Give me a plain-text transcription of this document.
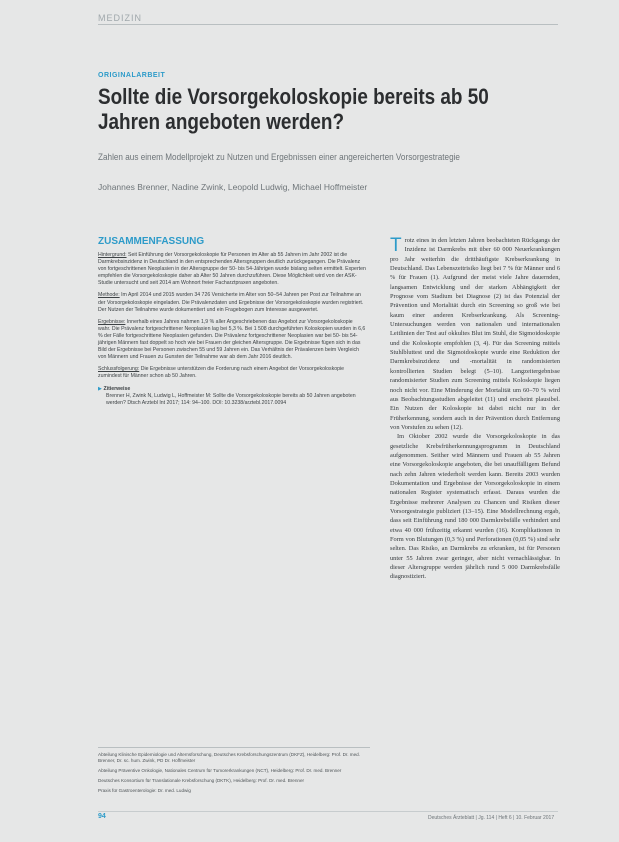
MEDIZIN
ORIGINALARBEIT
Sollte die Vorsorgekoloskopie bereits ab 50 Jahren angeboten werden?
Zahlen aus einem Modellprojekt zu Nutzen und Ergebnissen einer angereicherten Vorsorgestrategie
Johannes Brenner, Nadine Zwink, Leopold Ludwig, Michael Hoffmeister
ZUSAMMENFASSUNG

Hintergrund: Seit Einführung der Vorsorgekoloskopie für Personen im Alter ab 55 Jahren im Jahr 2002 ist die Darmkrebsinzidenz in Deutschland in den entsprechenden Altersgruppen deutlich zurückgegangen. Die Prävalenz von fortgeschrittenen Neoplasien in der Altersgruppe der 50- bis 54-Jährigen wurde bislang selten ermittelt. Experten empfehlen die Vorsorgekoloskopie daher ab Alter 50 Jahren durchzuführen. Diese Möglichkeit wird von der ASK-Studie untersucht und seit 2014 am Wohnort freier Facharztpraxen angeboten.

Methode: Im April 2014 und 2015 wurden 34 726 Versicherte im Alter von 50–54 Jahren per Post zur Teilnahme an der Vorsorgekoloskopie eingeladen. Die Prävalenzdaten und Ergebnisse der Vorsorgekoloskopie wurden registriert. Der Nutzen der Teilnahme wurde dokumentiert und ein Fragebogen zum Interesse ausgewertet.

Ergebnisse: Innerhalb eines Jahres nahmen 1,9 % aller Angeschriebenen das Angebot zur Vorsorgekoloskopie wahr. Die Prävalenz fortgeschrittener Neoplasien lag bei 5,3 %. Bei 1 508 durchgeführten Koloskopien wurden in 6,6 % der Fälle fortgeschrittene Neoplasien gefunden. Die Prävalenz fortgeschrittener Neoplasien war bei 50- bis 54-jährigen Männern fast doppelt so hoch wie bei Frauen der gleichen Altersgruppe. Die Ergebnisse fügen sich in das Bild der Ergebnisse bei Personen zwischen 55 und 59 Jahren ein. Das Verhältnis der Prävalenzen beim Vergleich von Männern und Frauen zu Gunsten der Teilnahme war ab dem Jahr 2016 deutlich.

Schlussfolgerung: Die Ergebnisse unterstützen die Forderung nach einem Angebot der Vorsorgekoloskopie zumindest für Männer schon ab 50 Jahren.

▶ Zitierweise
Brenner H, Zwink N, Ludwig L, Hoffmeister M: Sollte die Vorsorgekoloskopie bereits ab 50 Jahren angeboten werden? Dtsch Arztebl Int 2017; 114: 94–100. DOI: 10.3238/arztebl.2017.0094

Abteilung Klinische Epidemiologie und Alternsforschung, Deutsches Krebsforschungszentrum (DKFZ), Heidelberg: Prof. Dr. med. Brenner, Dr. sc. hum. Zwink, PD Dr. Hoffmeister

Abteilung Präventive Onkologie, Nationales Centrum für Tumorerkrankungen (NCT), Heidelberg: Prof. Dr. med. Brenner

Deutsches Konsortium für Translationale Krebsforschung (DKTK), Heidelberg: Prof. Dr. med. Brenner

Praxis für Gastroenterologie: Dr. med. Ludwig

Trotz eines in den letzten Jahren beobachteten Rückgangs der Inzidenz ist Darmkrebs mit über 60 000 Neuerkrankungen pro Jahr weiterhin die dritthäufigste Krebserkrankung in Deutschland. Das Lebenszeitrisiko liegt bei 7 % für Männer und 6 % für Frauen (1). Aufgrund der meist viele Jahre dauernden, langsamen Entwicklung und der starken Abhängigkeit der Prognose vom Stadium bei Diagnose (2) ist das Potenzial der Prävention und Mortalität durch ein Screening so groß wie bei kaum einer anderen Krebserkrankung. Als Screening-Untersuchungen werden von nationalen und internationalen Leitlinien der Test auf okkultes Blut im Stuhl, die Sigmoidoskopie und die Koloskopie empfohlen (3, 4). Für das Screening mittels Stuhlbluttest und die Sigmoidoskopie wurde eine Reduktion der Darmkrebsinzidenz und -mortalität in randomisierten kontrollierten Studien belegt (5–10). Langzeitergebnisse randomisierter Studien zum Screening mittels Koloskopie liegen noch nicht vor. Eine Minderung der Mortalität um 60–70 % wird aus Beobachtungsstudien abgeleitet (11) und erscheint plausibel. Ein Nutzen der Koloskopie ist dabei nicht nur in der Früherkennung, sondern auch in der Prävention durch Entfernung von Vorstufen zu sehen (12).

Im Oktober 2002 wurde die Vorsorgekoloskopie in das gesetzliche Krebsfrüherkennungsprogramm in Deutschland aufgenommen. Seither wird Männern und Frauen ab 55 Jahren eine Vorsorgekoloskopie angeboten, die bei unauffälligem Befund nach zehn Jahren wiederholt werden kann. Bereits 2003 wurden Dokumentation und Ergebnisse der Vorsorgekoloskopie in einem nationalen Register systematisch erfasst. Daraus wurden die Ergebnisse mehrerer Analysen zu Chancen und Risiken dieser Vorsorgestrategie publiziert (13–15). Eine Modellrechnung ergab, dass seit Einführung rund 180 000 Darmkrebsfälle verhindert und etwa 40 000 frühzeitig erkannt wurden (16). Komplikationen in Form von Blutungen (0,3 %) und Perforationen (0,05 %) sind sehr selten. Das Risiko, an Darmkrebs zu erkranken, ist für Personen unter 55 Jahren zwar geringer, aber nicht vernachlässigbar. In dieser Altersgruppe werden jährlich rund 5 000 Darmkrebsfälle diagnostiziert.

94	Deutsches Ärzteblatt | Jg. 114 | Heft 6 | 10. Februar 2017
